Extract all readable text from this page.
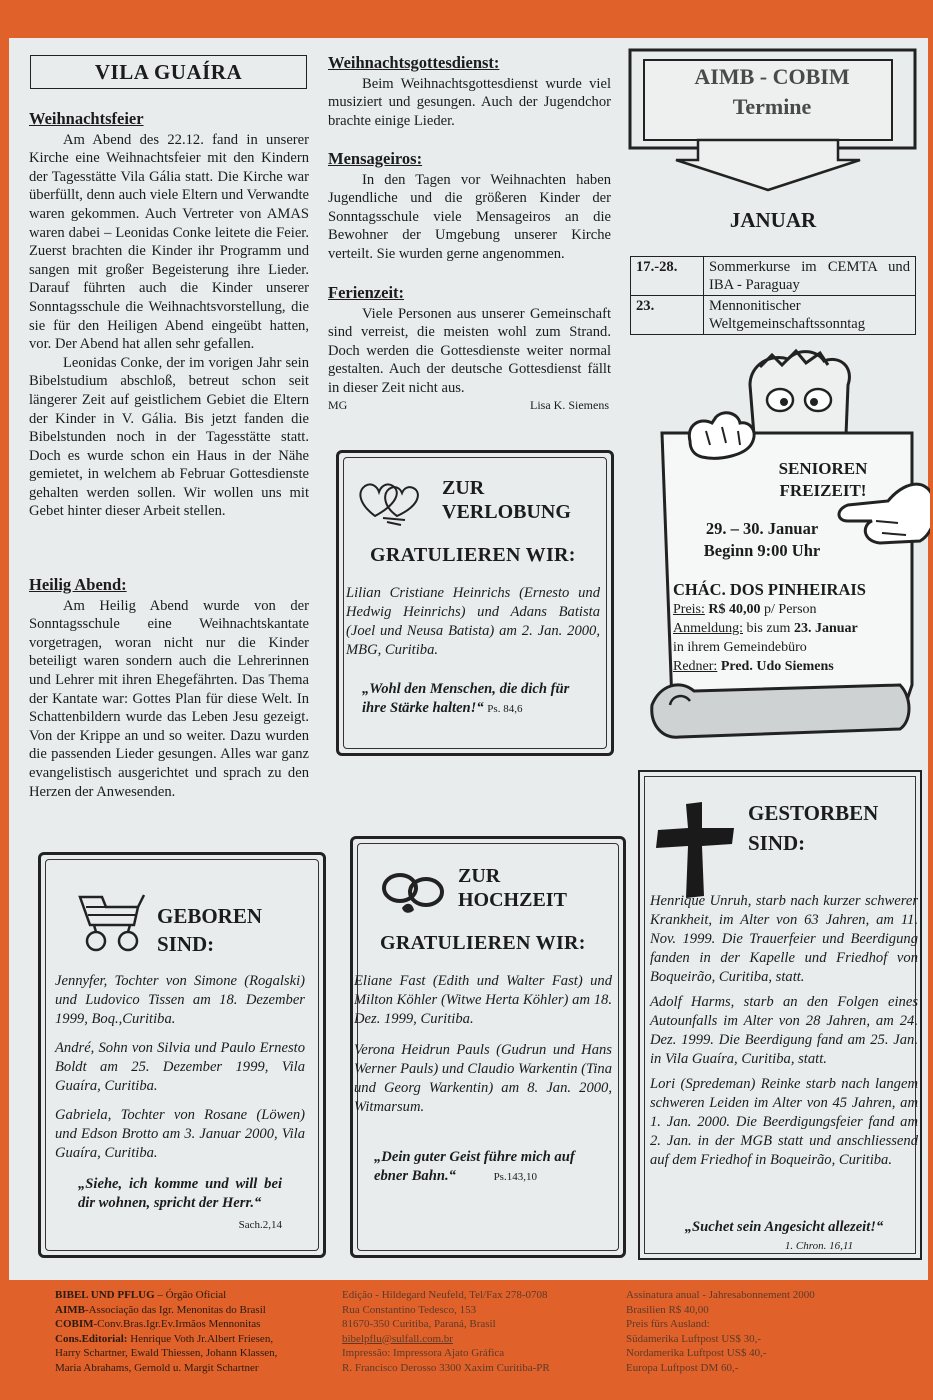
VILA GUAÍRA
Weihnachtsfeier

Am Abend des 22.12. fand in unserer Kirche eine Weihnachtsfeier mit den Kindern der Tagesstätte Vila Gália statt. Die Kirche war überfüllt, denn auch viele Eltern und Verwandte waren gekommen. Auch Vertreter von AMAS waren dabei – Leonidas Conke leitete die Feier. Zuerst brachten die Kinder ihr Programm und sangen mit großer Begeisterung ihre Lieder. Darauf führten auch die Kinder unserer Sonntagsschule die Weihnachtsvorstellung, die sie für den Heiligen Abend eingeübt hatten, vor. Der Abend hat allen sehr gefallen.

Leonidas Conke, der im vorigen Jahr sein Bibelstudium abschloß, betreut schon seit längerer Zeit auf geistlichem Gebiet die Eltern der Kinder in V. Gália. Bis jetzt fanden die Bibelstunden noch in der Tagesstätte statt. Doch es wurde schon ein Haus in der Nähe gemietet, in welchem ab Februar Gottesdienste gehalten werden sollen. Wir wollen uns mit Gebet hinter dieser Arbeit stellen.

Heilig Abend:

Am Heilig Abend wurde von der Sonntagsschule eine Weihnachtskantate vorgetragen, woran nicht nur die Kinder beteiligt waren sondern auch die Lehrerinnen und Lehrer mit ihren Ehegefährten. Das Thema der Kantate war: Gottes Plan für diese Welt. In Schattenbildern wurde das Leben Jesu gezeigt. Von der Krippe an und so weiter. Dazu wurden die passenden Lieder gesungen. Alles war ganz evangelistisch ausgerichtet und sprach zu den Herzen der Anwesenden.

Weihnachtsgottesdienst:

Beim Weihnachtsgottesdienst wurde viel musiziert und gesungen. Auch der Jugendchor brachte einige Lieder.

Mensageiros:

In den Tagen vor Weihnachten haben Jugendliche und die größeren Kinder der Sonntagsschule viele Mensageiros an die Bewohner der Umgebung unserer Kirche verteilt. Sie wurden gerne angenommen.

Ferienzeit:

Viele Personen aus unserer Gemeinschaft sind verreist, die meisten wohl zum Strand. Doch werden die Gottesdienste weiter normal gestalten. Auch der deutsche Gottesdienst fällt in dieser Zeit nicht aus.

MG	Lisa K. Siemens
ZUR
VERLOBUNG
GRATULIEREN WIR:
Lilian Cristiane Heinrichs (Ernesto und Hedwig Heinrichs) und Adans Batista (Joel und Neusa Batista) am 2. Jan. 2000, MBG, Curitiba.
„Wohl den Menschen, die dich für ihre Stärke halten!“ Ps. 84,6
GEBOREN
SIND:

Jennyfer, Tochter von Simone (Rogalski) und Ludovico Tissen am 18. Dezember 1999, Boq.,Curitiba.

André, Sohn von Silvia und Paulo Ernesto Boldt am 25. Dezember 1999, Vila Guaíra, Curitiba.

Gabriela, Tochter von Rosane (Löwen) und Edson Brotto am 3. Januar 2000, Vila Guaíra, Curitiba.

„Siehe, ich komme und will bei dir wohnen, spricht der Herr.“
Sach.2,14
ZUR
HOCHZEIT
GRATULIEREN WIR:

Eliane Fast (Edith und Walter Fast) und Milton Köhler (Witwe Herta Köhler) am 18. Dez. 1999, Curitiba.

Verona Heidrun Pauls (Gudrun und Hans Werner Pauls) und Claudio Warkentin (Tina und Georg Warkentin) am 8. Jan. 2000, Witmarsum.

„Dein guter Geist führe mich auf ebner Bahn.“	Ps.143,10
AIMB - COBIM
Termine
JANUAR
17.-28.	Sommerkurse im CEMTA und IBA - Paraguay
23.	Mennonitischer Weltgemeinschaftssonntag
SENIOREN
FREIZEIT!
29. – 30. Januar
Beginn 9:00 Uhr
CHÁC. DOS PINHEIRAIS
Preis: R$ 40,00 p/ Person
Anmeldung: bis zum 23. Januar
in ihrem Gemeindebüro
Redner: Pred. Udo Siemens
GESTORBEN
SIND:

Henrique Unruh, starb nach kurzer schwerer Krankheit, im Alter von 63 Jahren, am 11. Nov. 1999. Die Trauerfeier und Beerdigung fanden in der Kapelle und Friedhof von Boqueirão, Curitiba, statt.

Adolf Harms, starb an den Folgen eines Autounfalls im Alter von 28 Jahren, am 24. Dez. 1999. Die Beerdigung fand am 25. Jan. in Vila Guaíra, Curitiba, statt.

Lori (Spredeman) Reinke starb nach langem schweren Leiden im Alter von 45 Jahren, am 1. Jan. 2000. Die Beerdigungsfeier fand am 2. Jan. in der MGB statt und anschliessend auf dem Friedhof in Boqueirão, Curitiba.

„Suchet sein Angesicht allezeit!“
1. Chron. 16,11
BIBEL UND PFLUG – Órgão Oficial
AIMB-Associação das Igr. Menonitas do Brasil
COBIM-Conv.Bras.Igr.Ev.Irmãos Mennonitas
Cons.Editorial: Henrique Voth Jr.Albert Friesen,
Harry Schartner, Ewald Thiessen, Johann Klassen,
Maria Abrahams, Gernold u. Margit Schartner
Edição - Hildegard Neufeld, Tel/Fax 278-0708
Rua Constantino Tedesco, 153
81670-350 Curitiba, Paraná, Brasil
bibelpflu@sulfall.com.br
Impressão: Impressora Ajato Gráfica
R. Francisco Derosso 3300 Xaxim Curitiba-PR
Assinatura anual - Jahresabonnement 2000
Brasilien R$ 40,00
Preis fürs Ausland:
Südamerika Luftpost US$ 30,-
Nordamerika Luftpost US$ 40,-
Europa Luftpost DM 60,-
